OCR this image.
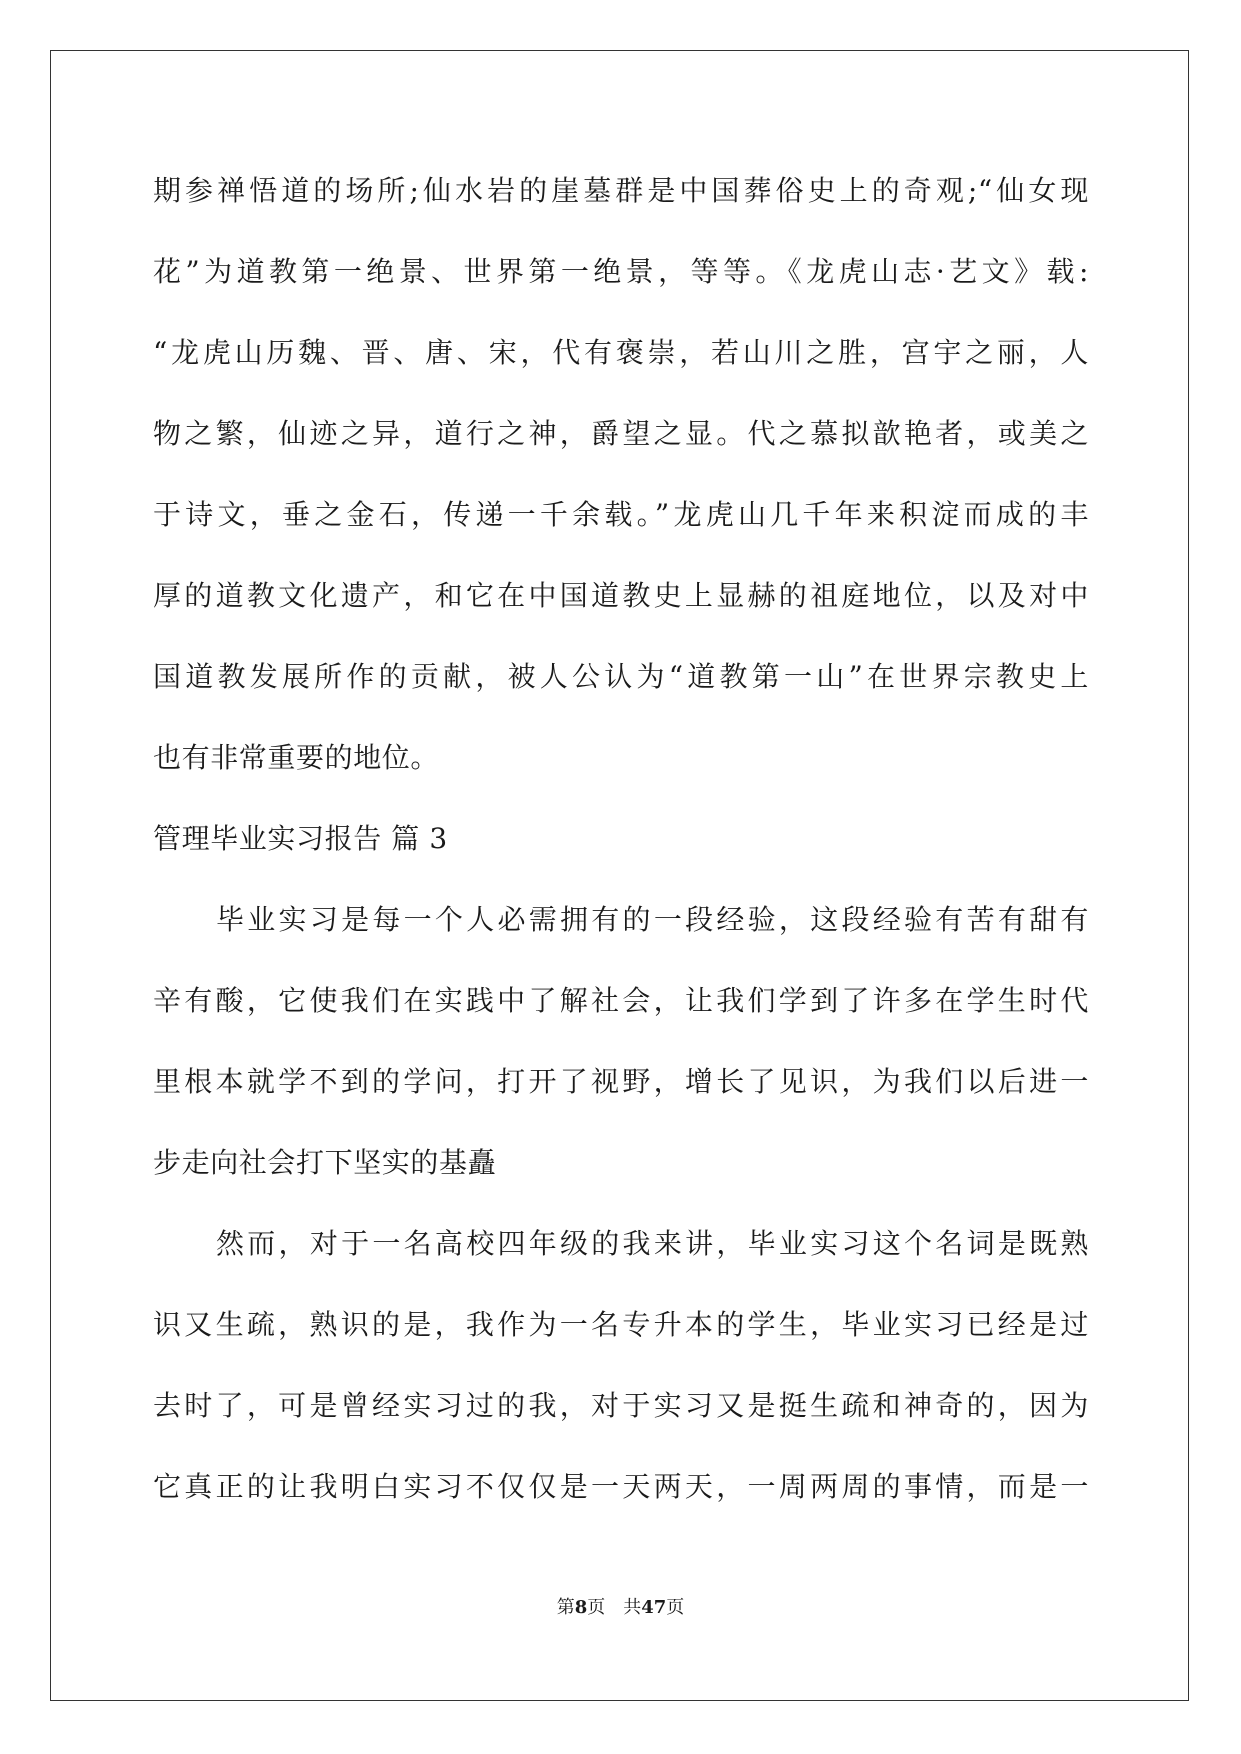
期参禅悟道的场所;仙水岩的崖墓群是中国葬俗史上的奇观;“仙女现
花”为道教第一绝景、世界第一绝景，等等。《龙虎山志·艺文》载:
“龙虎山历魏、晋、唐、宋，代有褒崇，若山川之胜，宫宇之丽，人
物之繁，仙迹之异，道行之神，爵望之显。代之慕拟歆艳者，或美之
于诗文，垂之金石，传递一千余载。”龙虎山几千年来积淀而成的丰
厚的道教文化遗产，和它在中国道教史上显赫的祖庭地位，以及对中
国道教发展所作的贡献，被人公认为“道教第一山”在世界宗教史上
也有非常重要的地位。
管理毕业实习报告 篇 3
毕业实习是每一个人必需拥有的一段经验，这段经验有苦有甜有
辛有酸，它使我们在实践中了解社会，让我们学到了许多在学生时代
里根本就学不到的学问，打开了视野，增长了见识，为我们以后进一
步走向社会打下坚实的基矗
然而，对于一名高校四年级的我来讲，毕业实习这个名词是既熟
识又生疏，熟识的是，我作为一名专升本的学生，毕业实习已经是过
去时了，可是曾经实习过的我，对于实习又是挺生疏和神奇的，因为
它真正的让我明白实习不仅仅是一天两天，一周两周的事情，而是一
第8页 共47页
